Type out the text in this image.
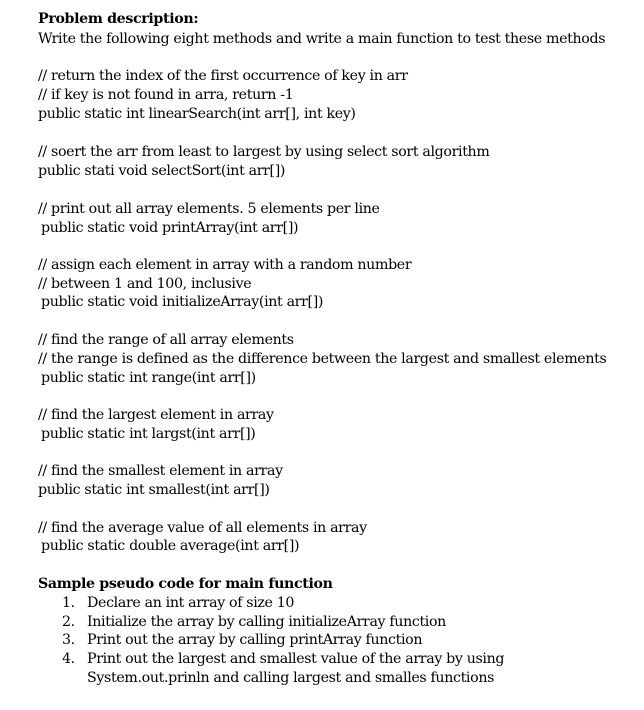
Problem description:
Write the following eight methods and write a main function to test these methods
// return the index of the first occurrence of key in arr
// if key is not found in arra, return -1
public static int linearSearch(int arr[], int key)
// soert the arr from least to largest by using select sort algorithm
public stati void selectSort(int arr[])
// print out all array elements. 5 elements per line
public static void printArray(int arr[])
// assign each element in array with a random number
// between 1 and 100, inclusive
public static void initializeArray(int arr[])
// find the range of all array elements
// the range is defined as the difference between the largest and smallest elements
public static int range(int arr[])
// find the largest element in array
public static int largst(int arr[])
// find the smallest element in array
public static int smallest(int arr[])
// find the average value of all elements in array
public static double average(int arr[])
Sample pseudo code for main function
1. Declare an int array of size 10
2. Initialize the array by calling initializeArray function
3. Print out the array by calling printArray function
4. Print out the largest and smallest value of the array by using
System.out.prinln and calling largest and smalles functions
